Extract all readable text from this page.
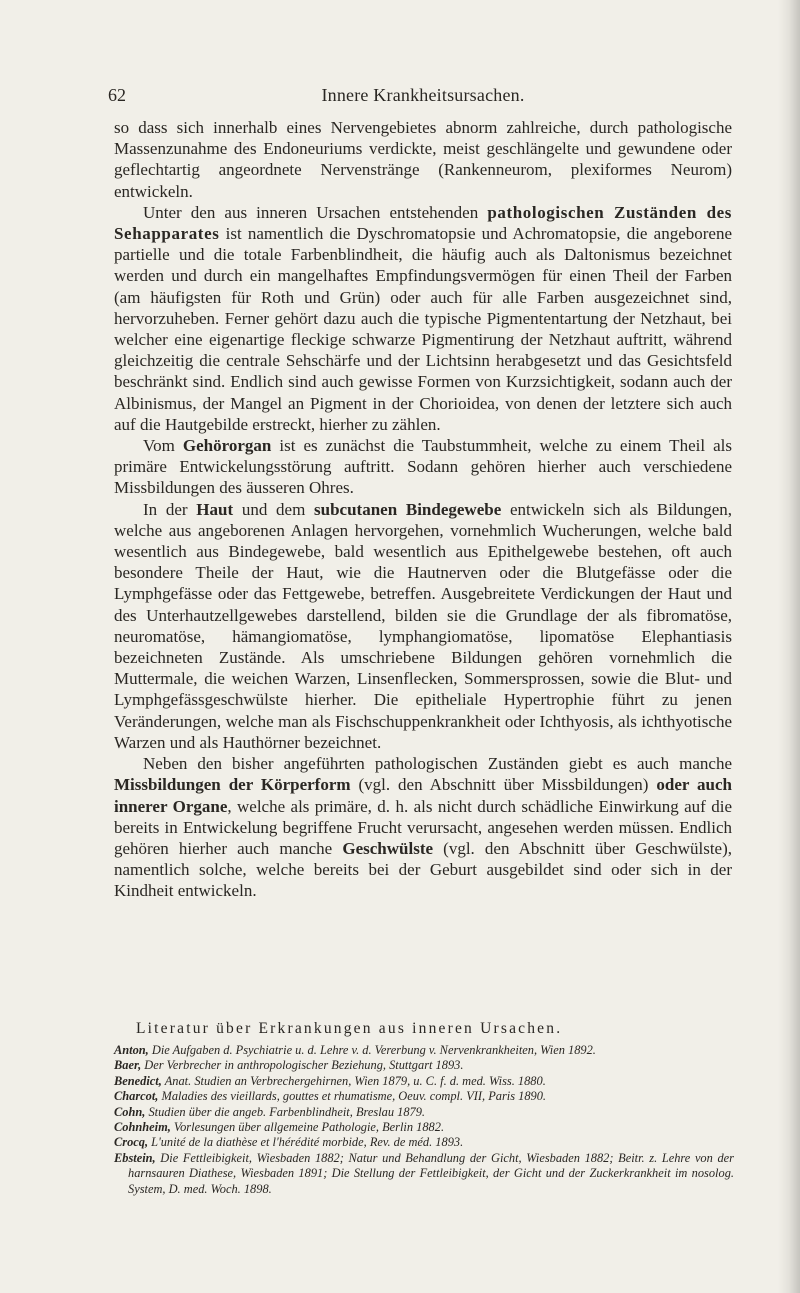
62	Innere Krankheitsursachen.

so dass sich innerhalb eines Nervengebietes abnorm zahlreiche, durch pathologische Massenzunahme des Endoneuriums verdickte, meist geschlängelte und gewundene oder geflechtartig angeordnete Nervenstränge (Rankenneurom, plexiformes Neurom) entwickeln.

Unter den aus inneren Ursachen entstehenden pathologischen Zuständen des Sehapparates ist namentlich die Dyschromatopsie und Achromatopsie, die angeborene partielle und die totale Farbenblindheit, die häufig auch als Daltonismus bezeichnet werden und durch ein mangelhaftes Empfindungsvermögen für einen Theil der Farben (am häufigsten für Roth und Grün) oder auch für alle Farben ausgezeichnet sind, hervorzuheben. Ferner gehört dazu auch die typische Pigmententartung der Netzhaut, bei welcher eine eigenartige fleckige schwarze Pigmentirung der Netzhaut auftritt, während gleichzeitig die centrale Sehschärfe und der Lichtsinn herabgesetzt und das Gesichtsfeld beschränkt sind. Endlich sind auch gewisse Formen von Kurzsichtigkeit, sodann auch der Albinismus, der Mangel an Pigment in der Chorioidea, von denen der letztere sich auch auf die Hautgebilde erstreckt, hierher zu zählen.

Vom Gehörorgan ist es zunächst die Taubstummheit, welche zu einem Theil als primäre Entwickelungsstörung auftritt. Sodann gehören hierher auch verschiedene Missbildungen des äusseren Ohres.

In der Haut und dem subcutanen Bindegewebe entwickeln sich als Bildungen, welche aus angeborenen Anlagen hervorgehen, vornehmlich Wucherungen, welche bald wesentlich aus Bindegewebe, bald wesentlich aus Epithelgewebe bestehen, oft auch besondere Theile der Haut, wie die Hautnerven oder die Blutgefässe oder die Lymphgefässe oder das Fettgewebe, betreffen. Ausgebreitete Verdickungen der Haut und des Unterhautzellgewebes darstellend, bilden sie die Grundlage der als fibromatöse, neuromatöse, hämangiomatöse, lymphangiomatöse, lipomatöse Elephantiasis bezeichneten Zustände. Als umschriebene Bildungen gehören vornehmlich die Muttermale, die weichen Warzen, Linsenflecken, Sommersprossen, sowie die Blut- und Lymphgefässgeschwülste hierher. Die epitheliale Hypertrophie führt zu jenen Veränderungen, welche man als Fischschuppenkrankheit oder Ichthyosis, als ichthyotische Warzen und als Hauthörner bezeichnet.

Neben den bisher angeführten pathologischen Zuständen giebt es auch manche Missbildungen der Körperform (vgl. den Abschnitt über Missbildungen) oder auch innerer Organe, welche als primäre, d. h. als nicht durch schädliche Einwirkung auf die bereits in Entwickelung begriffene Frucht verursacht, angesehen werden müssen. Endlich gehören hierher auch manche Geschwülste (vgl. den Abschnitt über Geschwülste), namentlich solche, welche bereits bei der Geburt ausgebildet sind oder sich in der Kindheit entwickeln.

Literatur über Erkrankungen aus inneren Ursachen.

Anton, Die Aufgaben d. Psychiatrie u. d. Lehre v. d. Vererbung v. Nervenkrankheiten, Wien 1892.

Baer, Der Verbrecher in anthropologischer Beziehung, Stuttgart 1893.

Benedict, Anat. Studien an Verbrechergehirnen, Wien 1879, u. C. f. d. med. Wiss. 1880.

Charcot, Maladies des vieillards, gouttes et rhumatisme, Oeuv. compl. VII, Paris 1890.

Cohn, Studien über die angeb. Farbenblindheit, Breslau 1879.

Cohnheim, Vorlesungen über allgemeine Pathologie, Berlin 1882.

Crocq, L'unité de la diathèse et l'hérédité morbide, Rev. de méd. 1893.

Ebstein, Die Fettleibigkeit, Wiesbaden 1882; Natur und Behandlung der Gicht, Wiesbaden 1882; Beitr. z. Lehre von der harnsauren Diathese, Wiesbaden 1891; Die Stellung der Fettleibigkeit, der Gicht und der Zuckerkrankheit im nosolog. System, D. med. Woch. 1898.
